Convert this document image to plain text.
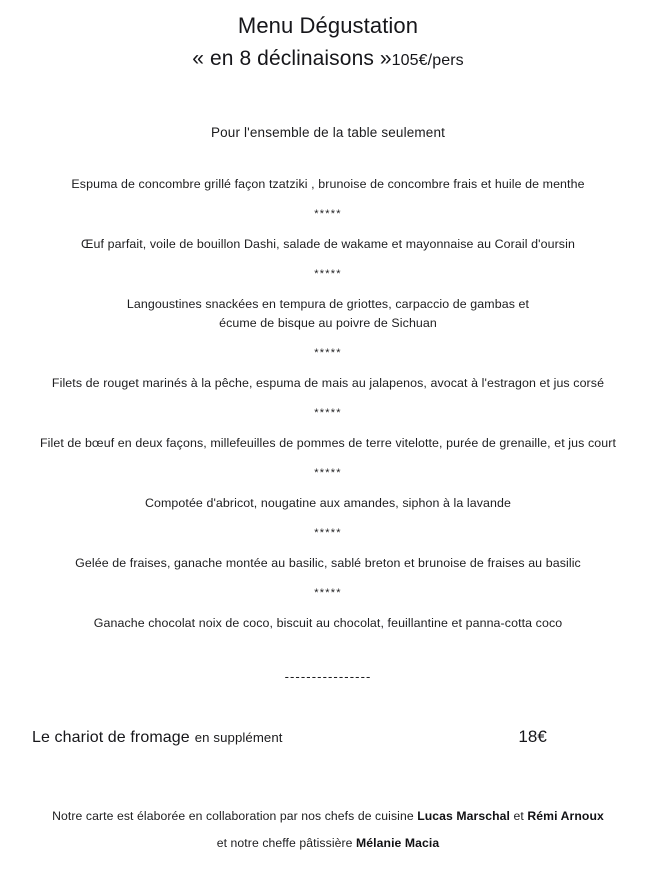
Menu Dégustation
« en 8 déclinaisons »105€/pers
Pour l'ensemble de la table seulement
Espuma de concombre grillé façon tzatziki , brunoise de concombre frais et huile de menthe
*****
Œuf parfait, voile de bouillon Dashi, salade de wakame et mayonnaise au Corail d'oursin
*****
Langoustines snackées en tempura de griottes, carpaccio de gambas et écume de bisque au poivre de Sichuan
*****
Filets de rouget marinés à la pêche, espuma de mais au jalapenos, avocat à l'estragon et jus corsé
*****
Filet de bœuf en deux façons, millefeuilles de pommes de terre vitelotte, purée de grenaille, et jus court
*****
Compotée d'abricot, nougatine aux amandes, siphon à la lavande
*****
Gelée de fraises, ganache montée au basilic, sablé breton et brunoise de fraises au basilic
*****
Ganache chocolat noix de coco, biscuit au chocolat, feuillantine et panna-cotta coco
----------------
Le chariot de fromage en supplément	18€
Notre carte est élaborée en collaboration par nos chefs de cuisine Lucas Marschal et Rémi Arnoux
et notre cheffe pâtissière Mélanie Macia
